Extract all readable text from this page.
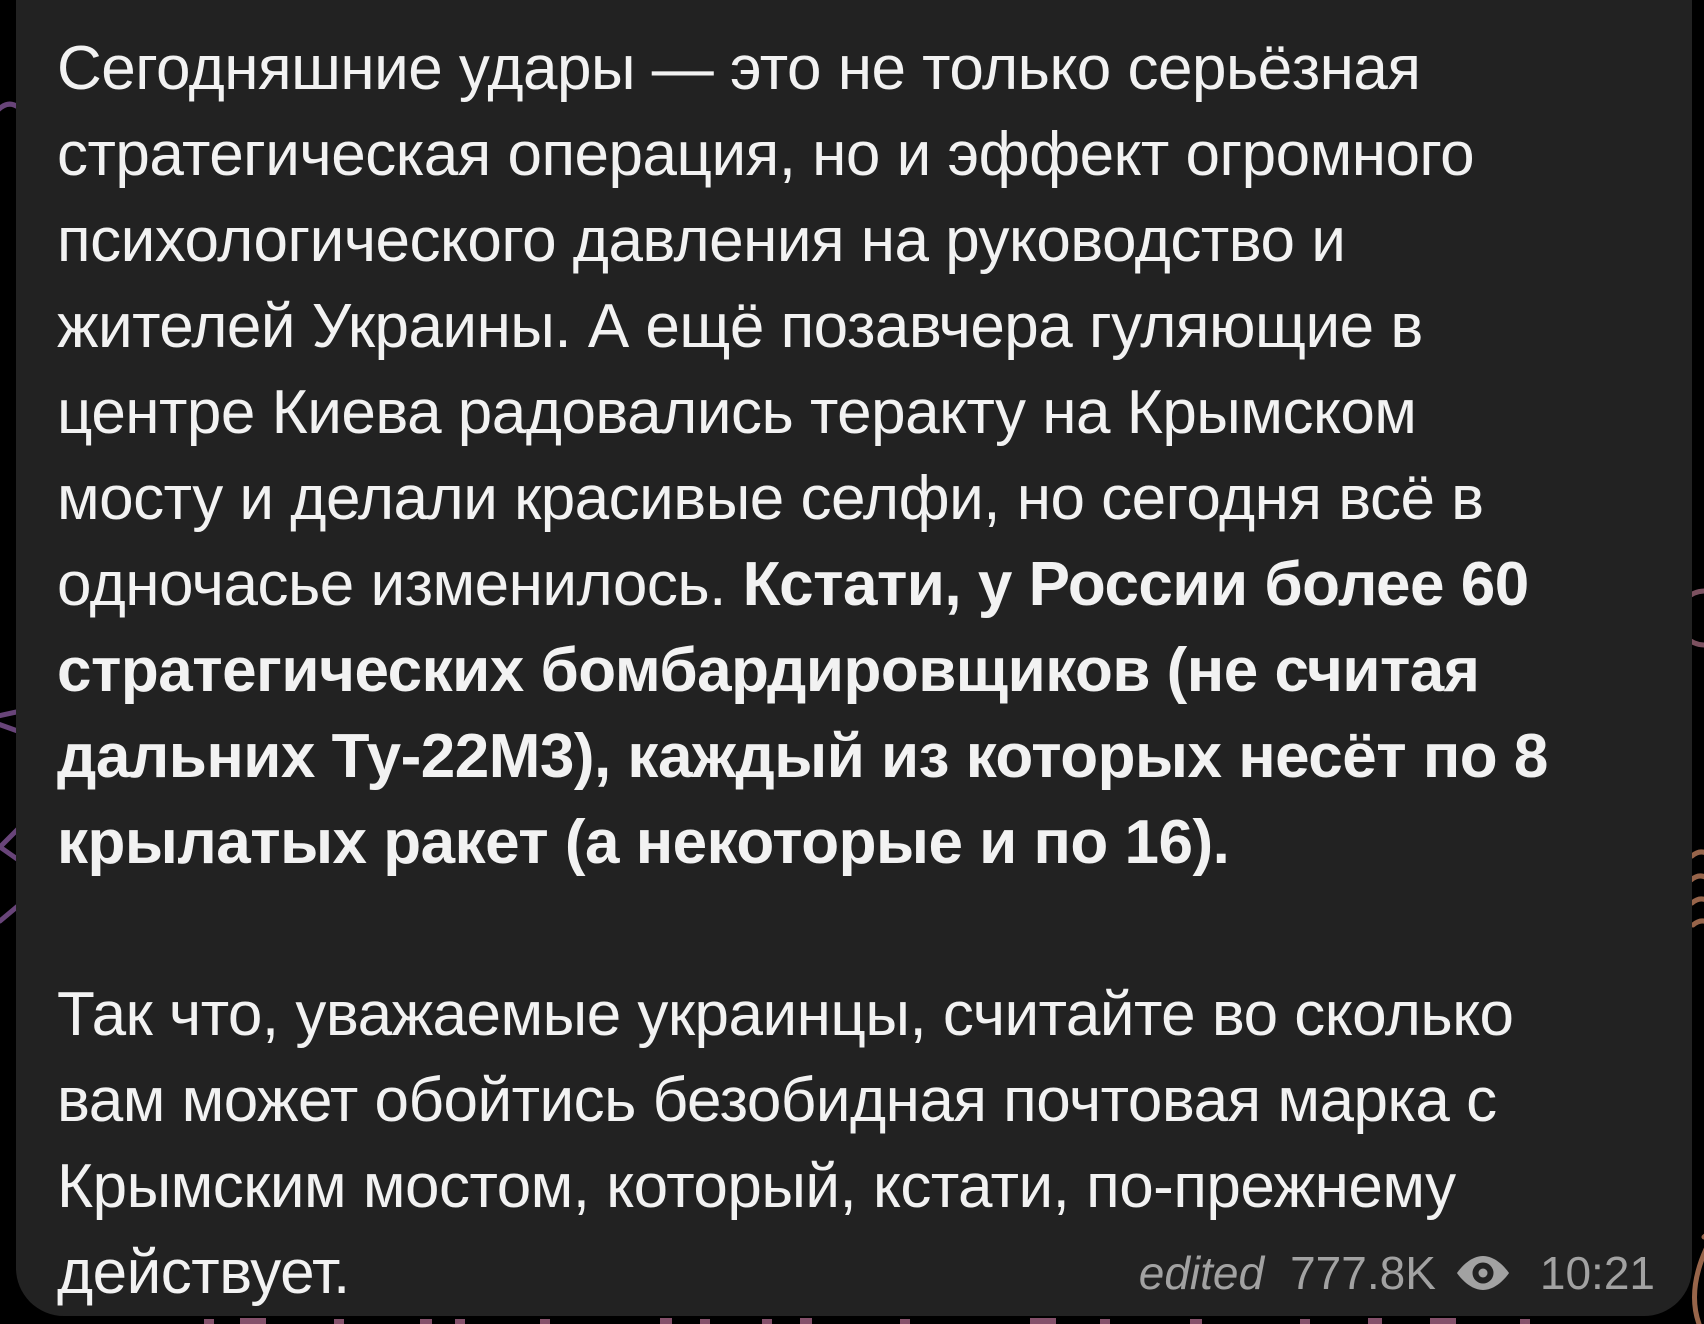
Сегодняшние удары — это не только серьёзная
стратегическая операция, но и эффект огромного
психологического давления на руководство и
жителей Украины. А ещё позавчера гуляющие в
центре Киева радовались теракту на Крымском
мосту и делали красивые селфи, но сегодня всё в
одночасье изменилось. Кстати, у России более 60
стратегических бомбардировщиков (не считая
дальних Ту-22М3), каждый из которых несёт по 8
крылатых ракет (а некоторые и по 16).
Так что, уважаемые украинцы, считайте во сколько
вам может обойтись безобидная почтовая марка с
Крымским мостом, который, кстати, по-прежнему
действует.	edited 777.8K 10:21
